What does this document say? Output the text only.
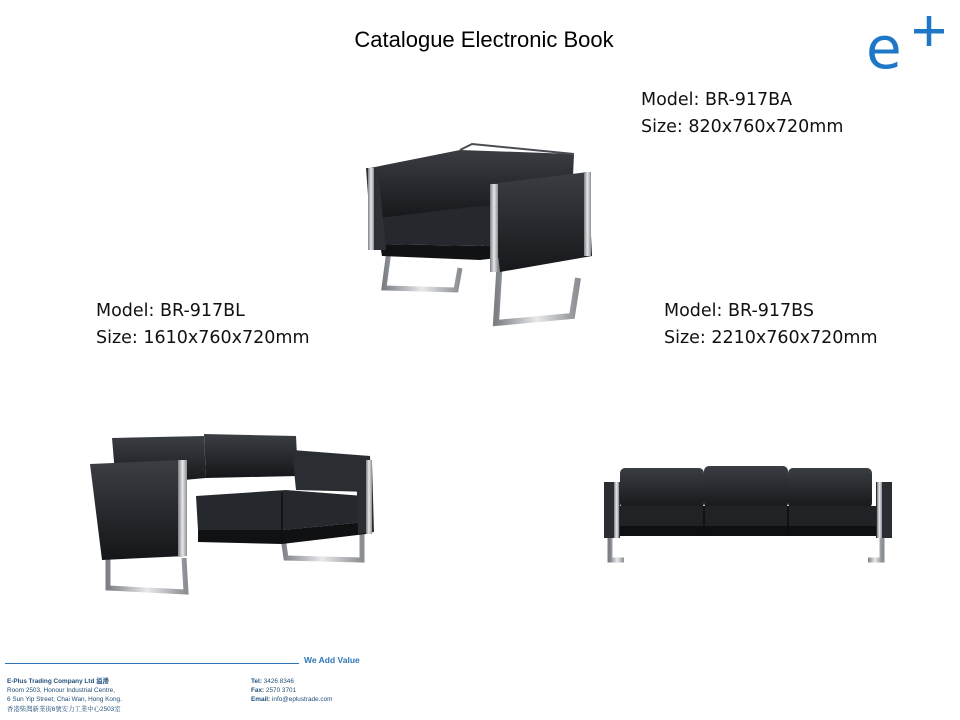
Catalogue Electronic Book	e
Model: BR-917BA
Size: 820x760x720mm
Model: BR-917BL
Size: 1610x760x720mm
Model: BR-917BS
Size: 2210x760x720mm
We Add Value
E-Plus Trading Company Ltd 溢溇
Room 2503, Honour Industrial Centre,
6 Sun Yip Street, Chai Wan, Hong Kong.
香港柴灣新業街6號安力工業中心2503室
Tel: 3426 8346
Fax: 2570 3701
Email: info@eplustrade.com
